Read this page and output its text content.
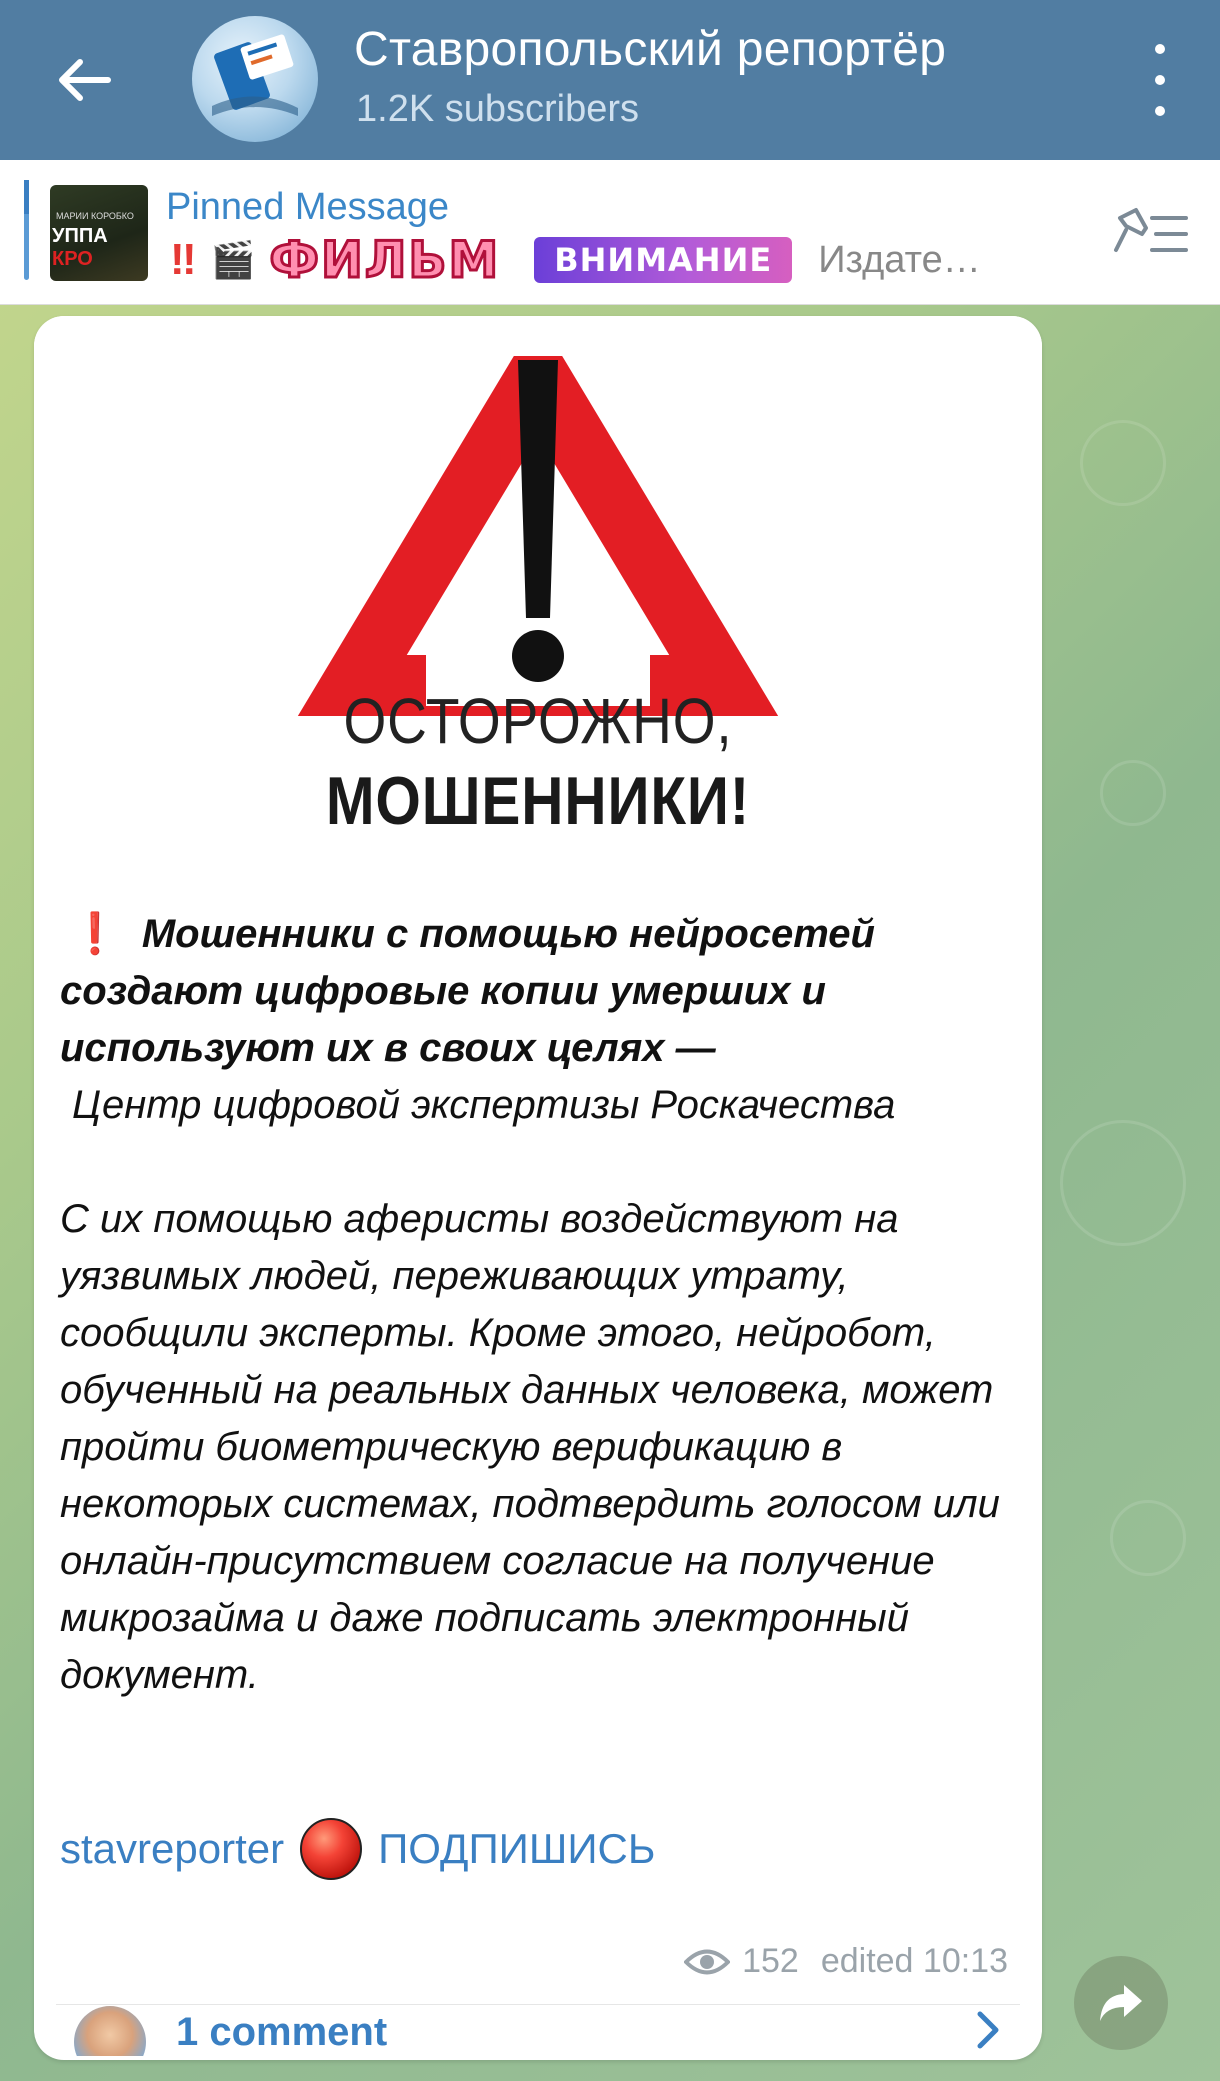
Ставропольский репортёр
1.2K subscribers
МАРИИ КОРОБКО
УППА КРО
Pinned Message
‼ 🎬 ФИЛЬМ	ВНИМАНИЕ	Издате…
ОСТОРОЖНО,
МОШЕННИКИ!

❗ Мошенники с помощью нейросетей создают цифровые копии умерших и используют их в своих целях —

Центр цифровой экспертизы Роскачества

С их помощью аферисты воздействуют на уязвимых людей, переживающих утрату, сообщили эксперты. Кроме этого, нейробот, обученный на реальных данных человека, может пройти биометрическую верификацию в некоторых системах, подтвердить голосом или онлайн-присутствием согласие на получение микрозайма и даже подписать электронный документ.

stavreporter ПОДПИШИСЬ
152 edited 10:13
1 comment
